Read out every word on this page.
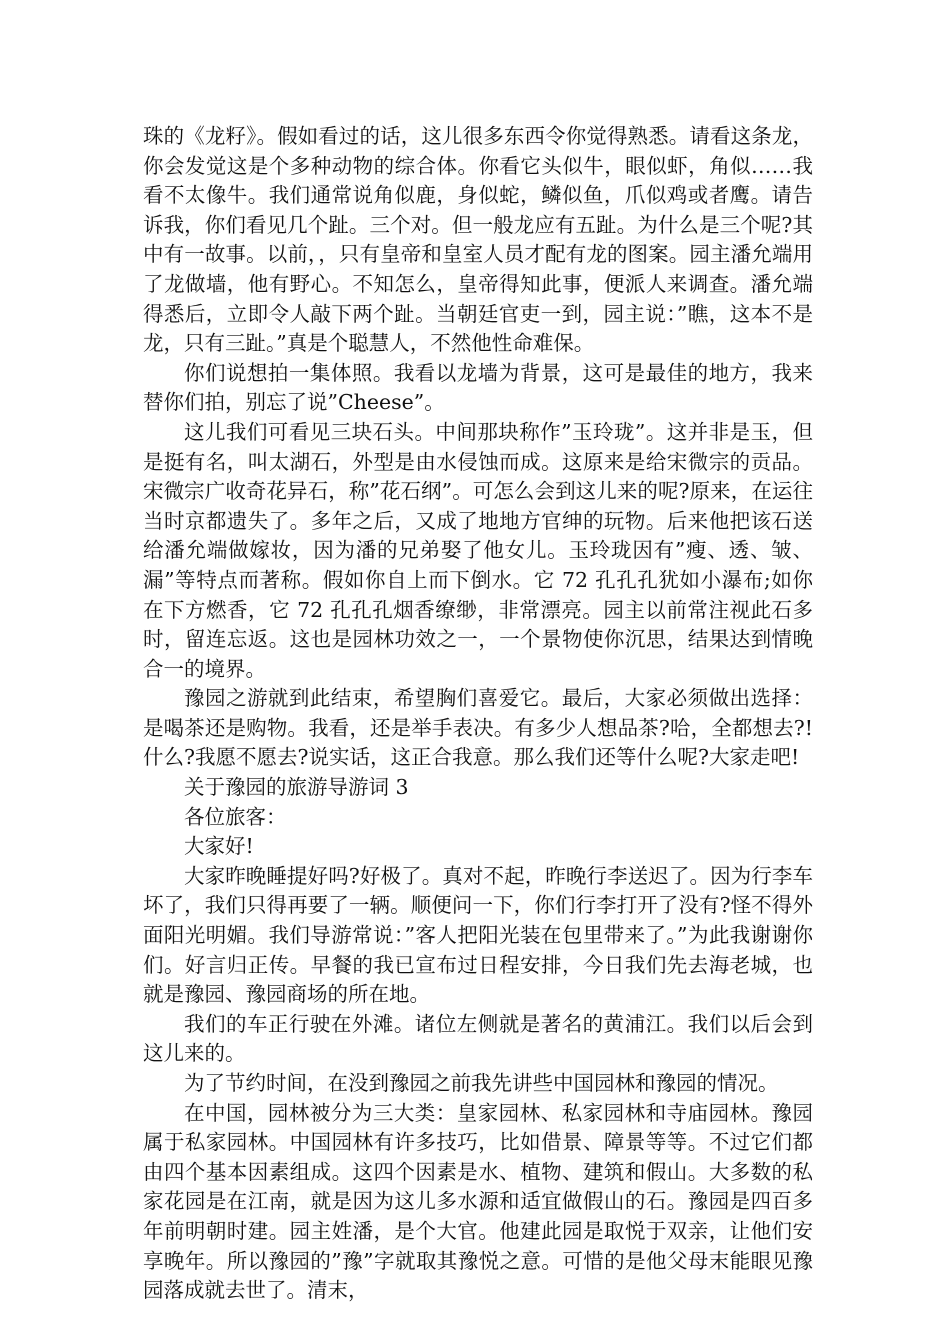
珠的《龙籽》。假如看过的话，这儿很多东西令你觉得熟悉。请看这条龙，你会发觉这是个多种动物的综合体。你看它头似牛，眼似虾，角似……我看不太像牛。我们通常说角似鹿，身似蛇，鳞似鱼，爪似鸡或者鹰。请告诉我，你们看见几个趾。三个对。但一般龙应有五趾。为什么是三个呢?其中有一故事。以前，，只有皇帝和皇室人员才配有龙的图案。园主潘允端用了龙做墙，他有野心。不知怎么，皇帝得知此事，便派人来调查。潘允端得悉后，立即令人敲下两个趾。当朝廷官吏一到，园主说：”瞧，这本不是龙，只有三趾。”真是个聪慧人，不然他性命难保。

你们说想拍一集体照。我看以龙墙为背景，这可是最佳的地方，我来替你们拍，别忘了说”Cheese”。

这儿我们可看见三块石头。中间那块称作”玉玲珑”。这并非是玉，但是挺有名，叫太湖石，外型是由水侵蚀而成。这原来是给宋微宗的贡品。宋微宗广收奇花异石，称”花石纲”。可怎么会到这儿来的呢?原来，在运往当时京都遗失了。多年之后，又成了地地方官绅的玩物。后来他把该石送给潘允端做嫁妆，因为潘的兄弟娶了他女儿。玉玲珑因有”瘦、透、皱、漏”等特点而著称。假如你自上而下倒水。它 72 孔孔孔犹如小瀑布;如你在下方燃香，它 72 孔孔孔烟香缭缈，非常漂亮。园主以前常注视此石多时，留连忘返。这也是园林功效之一，一个景物使你沉思，结果达到情晚合一的境界。

豫园之游就到此结束，希望胸们喜爱它。最后，大家必须做出选择：是喝茶还是购物。我看，还是举手表决。有多少人想品茶?哈，全都想去?!什么?我愿不愿去?说实话，这正合我意。那么我们还等什么呢?大家走吧!

关于豫园的旅游导游词 3

各位旅客：

大家好!

大家昨晚睡提好吗?好极了。真对不起，昨晚行李送迟了。因为行李车坏了，我们只得再要了一辆。顺便问一下，你们行李打开了没有?怪不得外面阳光明媚。我们导游常说：”客人把阳光装在包里带来了。”为此我谢谢你们。好言归正传。早餐的我已宣布过日程安排，今日我们先去海老城，也就是豫园、豫园商场的所在地。

我们的车正行驶在外滩。诸位左侧就是著名的黄浦江。我们以后会到这儿来的。

为了节约时间，在没到豫园之前我先讲些中国园林和豫园的情况。

在中国，园林被分为三大类：皇家园林、私家园林和寺庙园林。豫园属于私家园林。中国园林有许多技巧，比如借景、障景等等。不过它们都由四个基本因素组成。这四个因素是水、植物、建筑和假山。大多数的私家花园是在江南，就是因为这儿多水源和适宜做假山的石。豫园是四百多年前明朝时建。园主姓潘，是个大官。他建此园是取悦于双亲，让他们安享晚年。所以豫园的”豫”字就取其豫悦之意。可惜的是他父母末能眼见豫园落成就去世了。清末，
